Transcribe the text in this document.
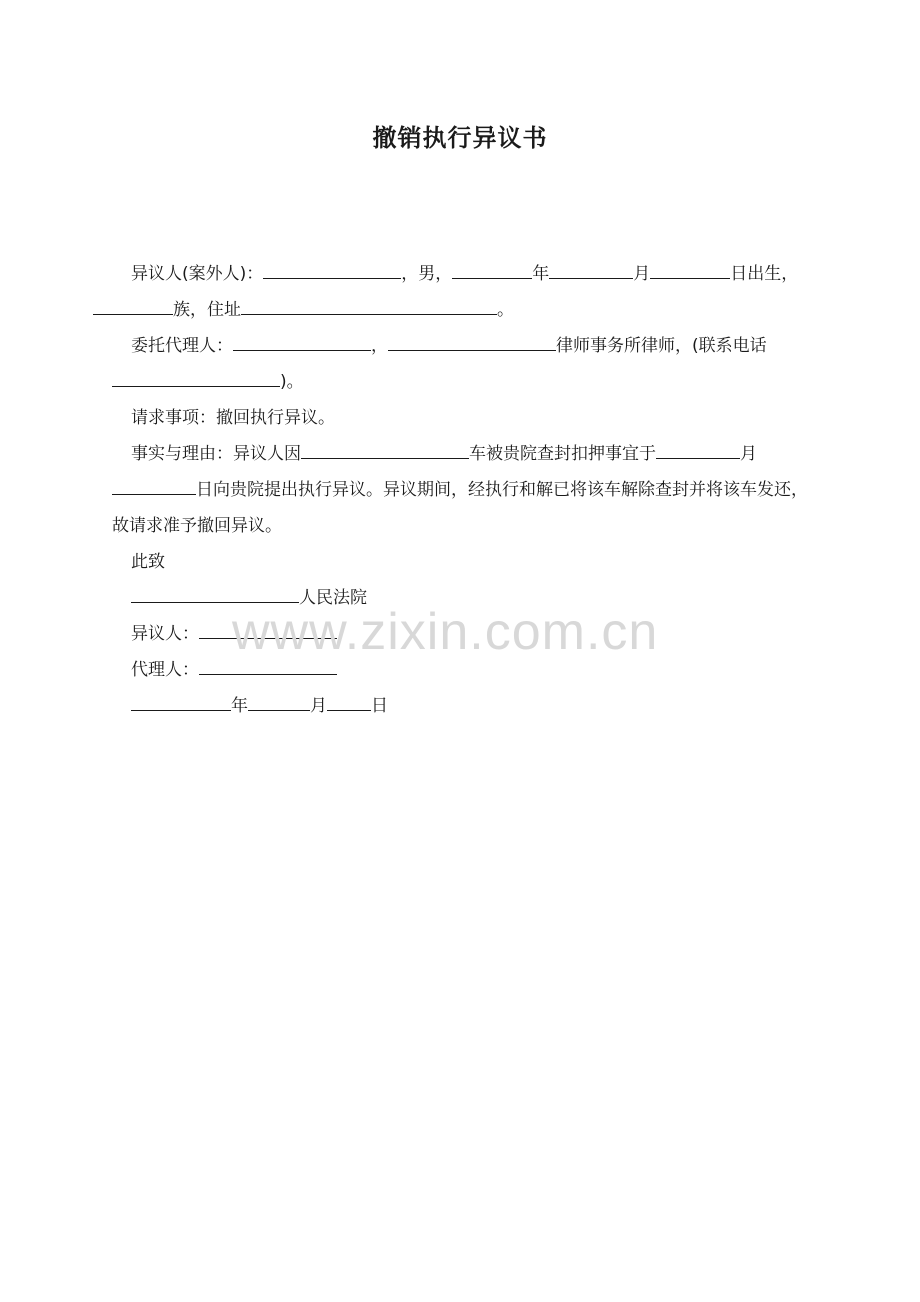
撤销执行异议书

异议人(案外人)：	，男，	年	月	日出生，族，住址	。

委托代理人：	，	律师事务所律师，(联系电话)。

请求事项：撤回执行异议。

事实与理由：异议人因	车被贵院查封扣押事宜于	月日向贵院提出执行异议。异议期间，经执行和解已将该车解除查封并将该车发还，故请求准予撤回异议。

此致

人民法院

异议人：

代理人：

年	月	日

www.zixin.com.cn
